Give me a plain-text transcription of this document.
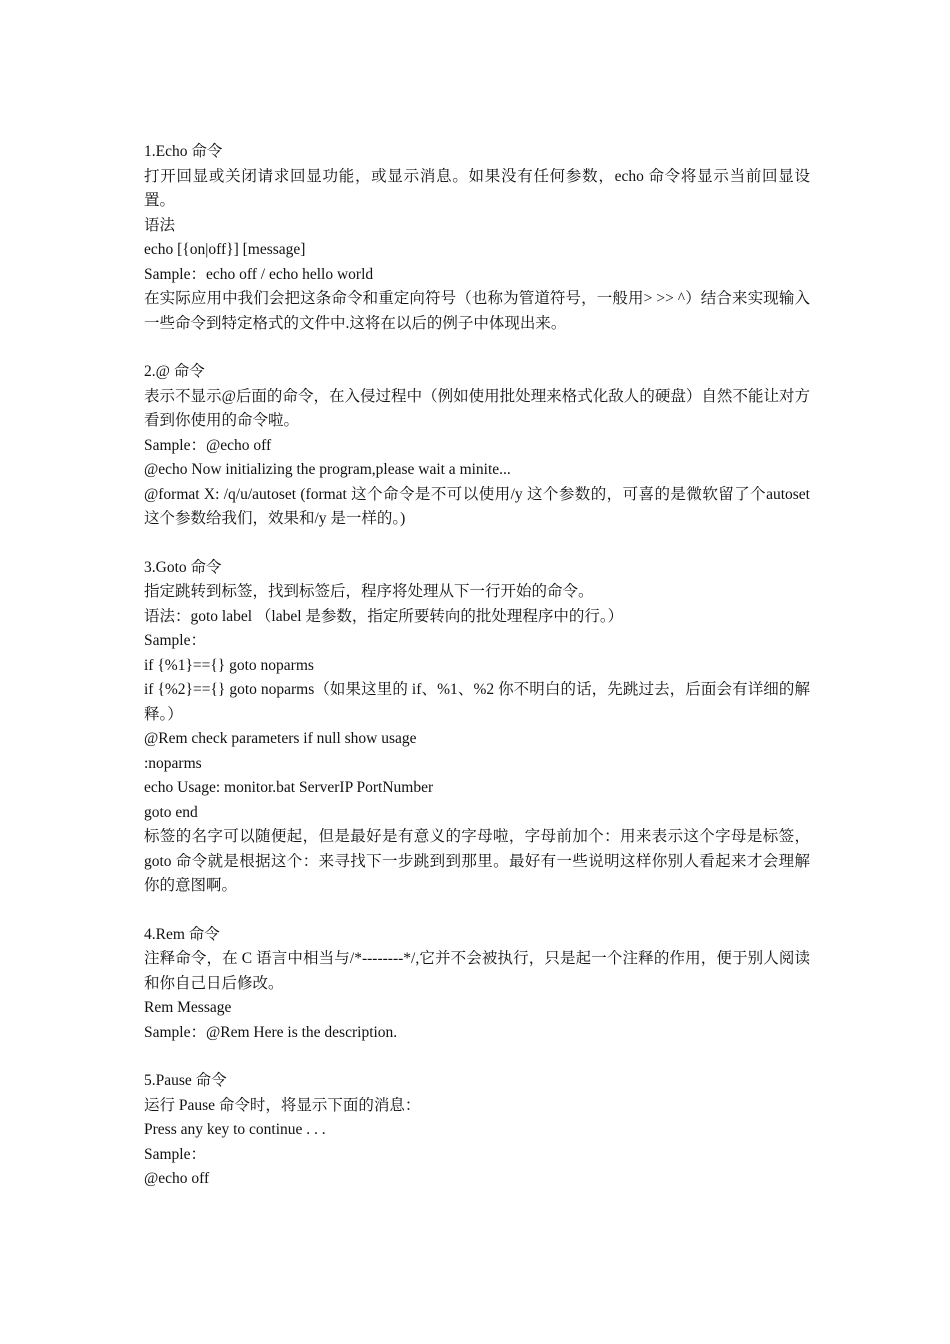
1.Echo 命令
打开回显或关闭请求回显功能，或显示消息。如果没有任何参数，echo 命令将显示当前回显设置。
语法
echo [{on|off}] [message]
Sample：echo off / echo hello world
在实际应用中我们会把这条命令和重定向符号（也称为管道符号，一般用> >> ^）结合来实现输入一些命令到特定格式的文件中.这将在以后的例子中体现出来。
2.@ 命令
表示不显示@后面的命令，在入侵过程中（例如使用批处理来格式化敌人的硬盘）自然不能让对方看到你使用的命令啦。
Sample：@echo off
@echo Now initializing the program,please wait a minite...
@format X: /q/u/autoset (format 这个命令是不可以使用/y 这个参数的，可喜的是微软留了个autoset 这个参数给我们，效果和/y 是一样的。)
3.Goto 命令
指定跳转到标签，找到标签后，程序将处理从下一行开始的命令。
语法：goto label （label 是参数，指定所要转向的批处理程序中的行。）
Sample：
if {%1}=={} goto noparms
if {%2}=={} goto noparms（如果这里的 if、%1、%2 你不明白的话，先跳过去，后面会有详细的解释。）
@Rem check parameters if null show usage
:noparms
echo Usage: monitor.bat ServerIP PortNumber
goto end
标签的名字可以随便起，但是最好是有意义的字母啦，字母前加个：用来表示这个字母是标签，goto 命令就是根据这个：来寻找下一步跳到到那里。最好有一些说明这样你别人看起来才会理解你的意图啊。
4.Rem 命令
注释命令，在 C 语言中相当与/*--------*/,它并不会被执行，只是起一个注释的作用，便于别人阅读和你自己日后修改。
Rem Message
Sample：@Rem Here is the description.
5.Pause 命令
运行 Pause 命令时，将显示下面的消息：
Press any key to continue . . .
Sample：
@echo off
